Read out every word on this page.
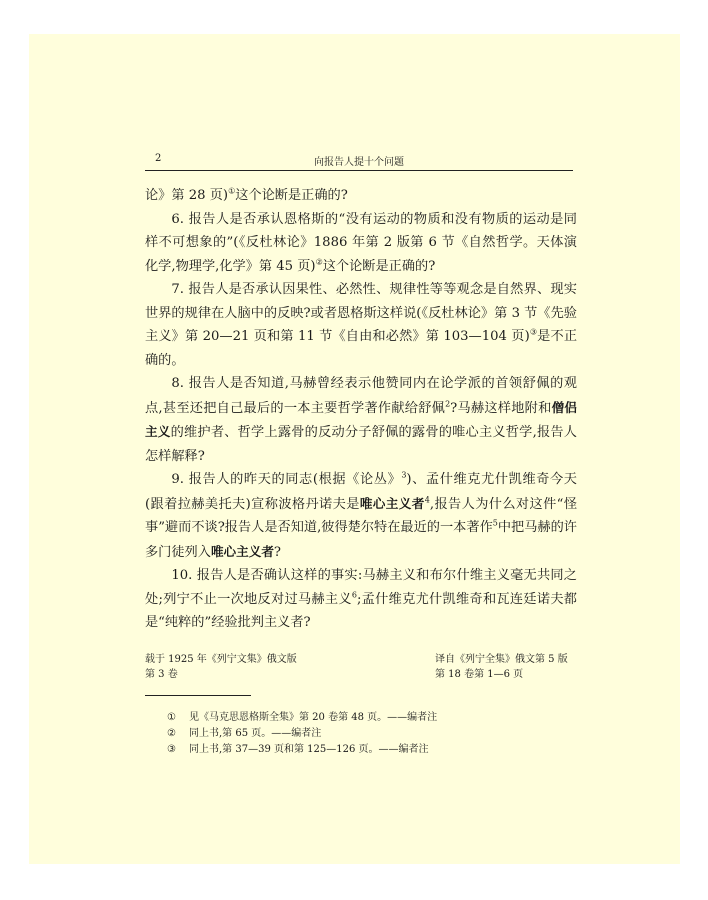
2	向报告人提十个问题

论》第 28 页)①这个论断是正确的?

6. 报告人是否承认恩格斯的“没有运动的物质和没有物质的运动是同样不可想象的”(《反杜林论》1886 年第 2 版第 6 节《自然哲学。天体演化学,物理学,化学》第 45 页)②这个论断是正确的?

7. 报告人是否承认因果性、必然性、规律性等等观念是自然界、现实世界的规律在人脑中的反映?或者恩格斯这样说(《反杜林论》第 3 节《先验主义》第 20—21 页和第 11 节《自由和必然》第 103—104 页)③是不正确的。

8. 报告人是否知道,马赫曾经表示他赞同内在论学派的首领舒佩的观点,甚至还把自己最后的一本主要哲学著作献给舒佩$^2$?马赫这样地附和僧侣主义的维护者、哲学上露骨的反动分子舒佩的露骨的唯心主义哲学,报告人怎样解释?

9. 报告人的昨天的同志(根据《论丛》$^3$)、孟什维克尤什凯维奇今天(跟着拉赫美托夫)宣称波格丹诺夫是唯心主义者$^4$,报告人为什么对这件“怪事”避而不谈?报告人是否知道,彼得楚尔特在最近的一本著作$^5$中把马赫的许多门徒列入唯心主义者?

10. 报告人是否确认这样的事实:马赫主义和布尔什维主义毫无共同之处;列宁不止一次地反对过马赫主义$^6$;孟什维克尤什凯维奇和瓦连廷诺夫都是“纯粹的”经验批判主义者?

载于 1925 年《列宁文集》俄文版
第 3 卷
译自《列宁全集》俄文第 5 版
第 18 卷第 1—6 页
① 见《马克思恩格斯全集》第 20 卷第 48 页。——编者注
② 同上书,第 65 页。——编者注
③ 同上书,第 37—39 页和第 125—126 页。——编者注
